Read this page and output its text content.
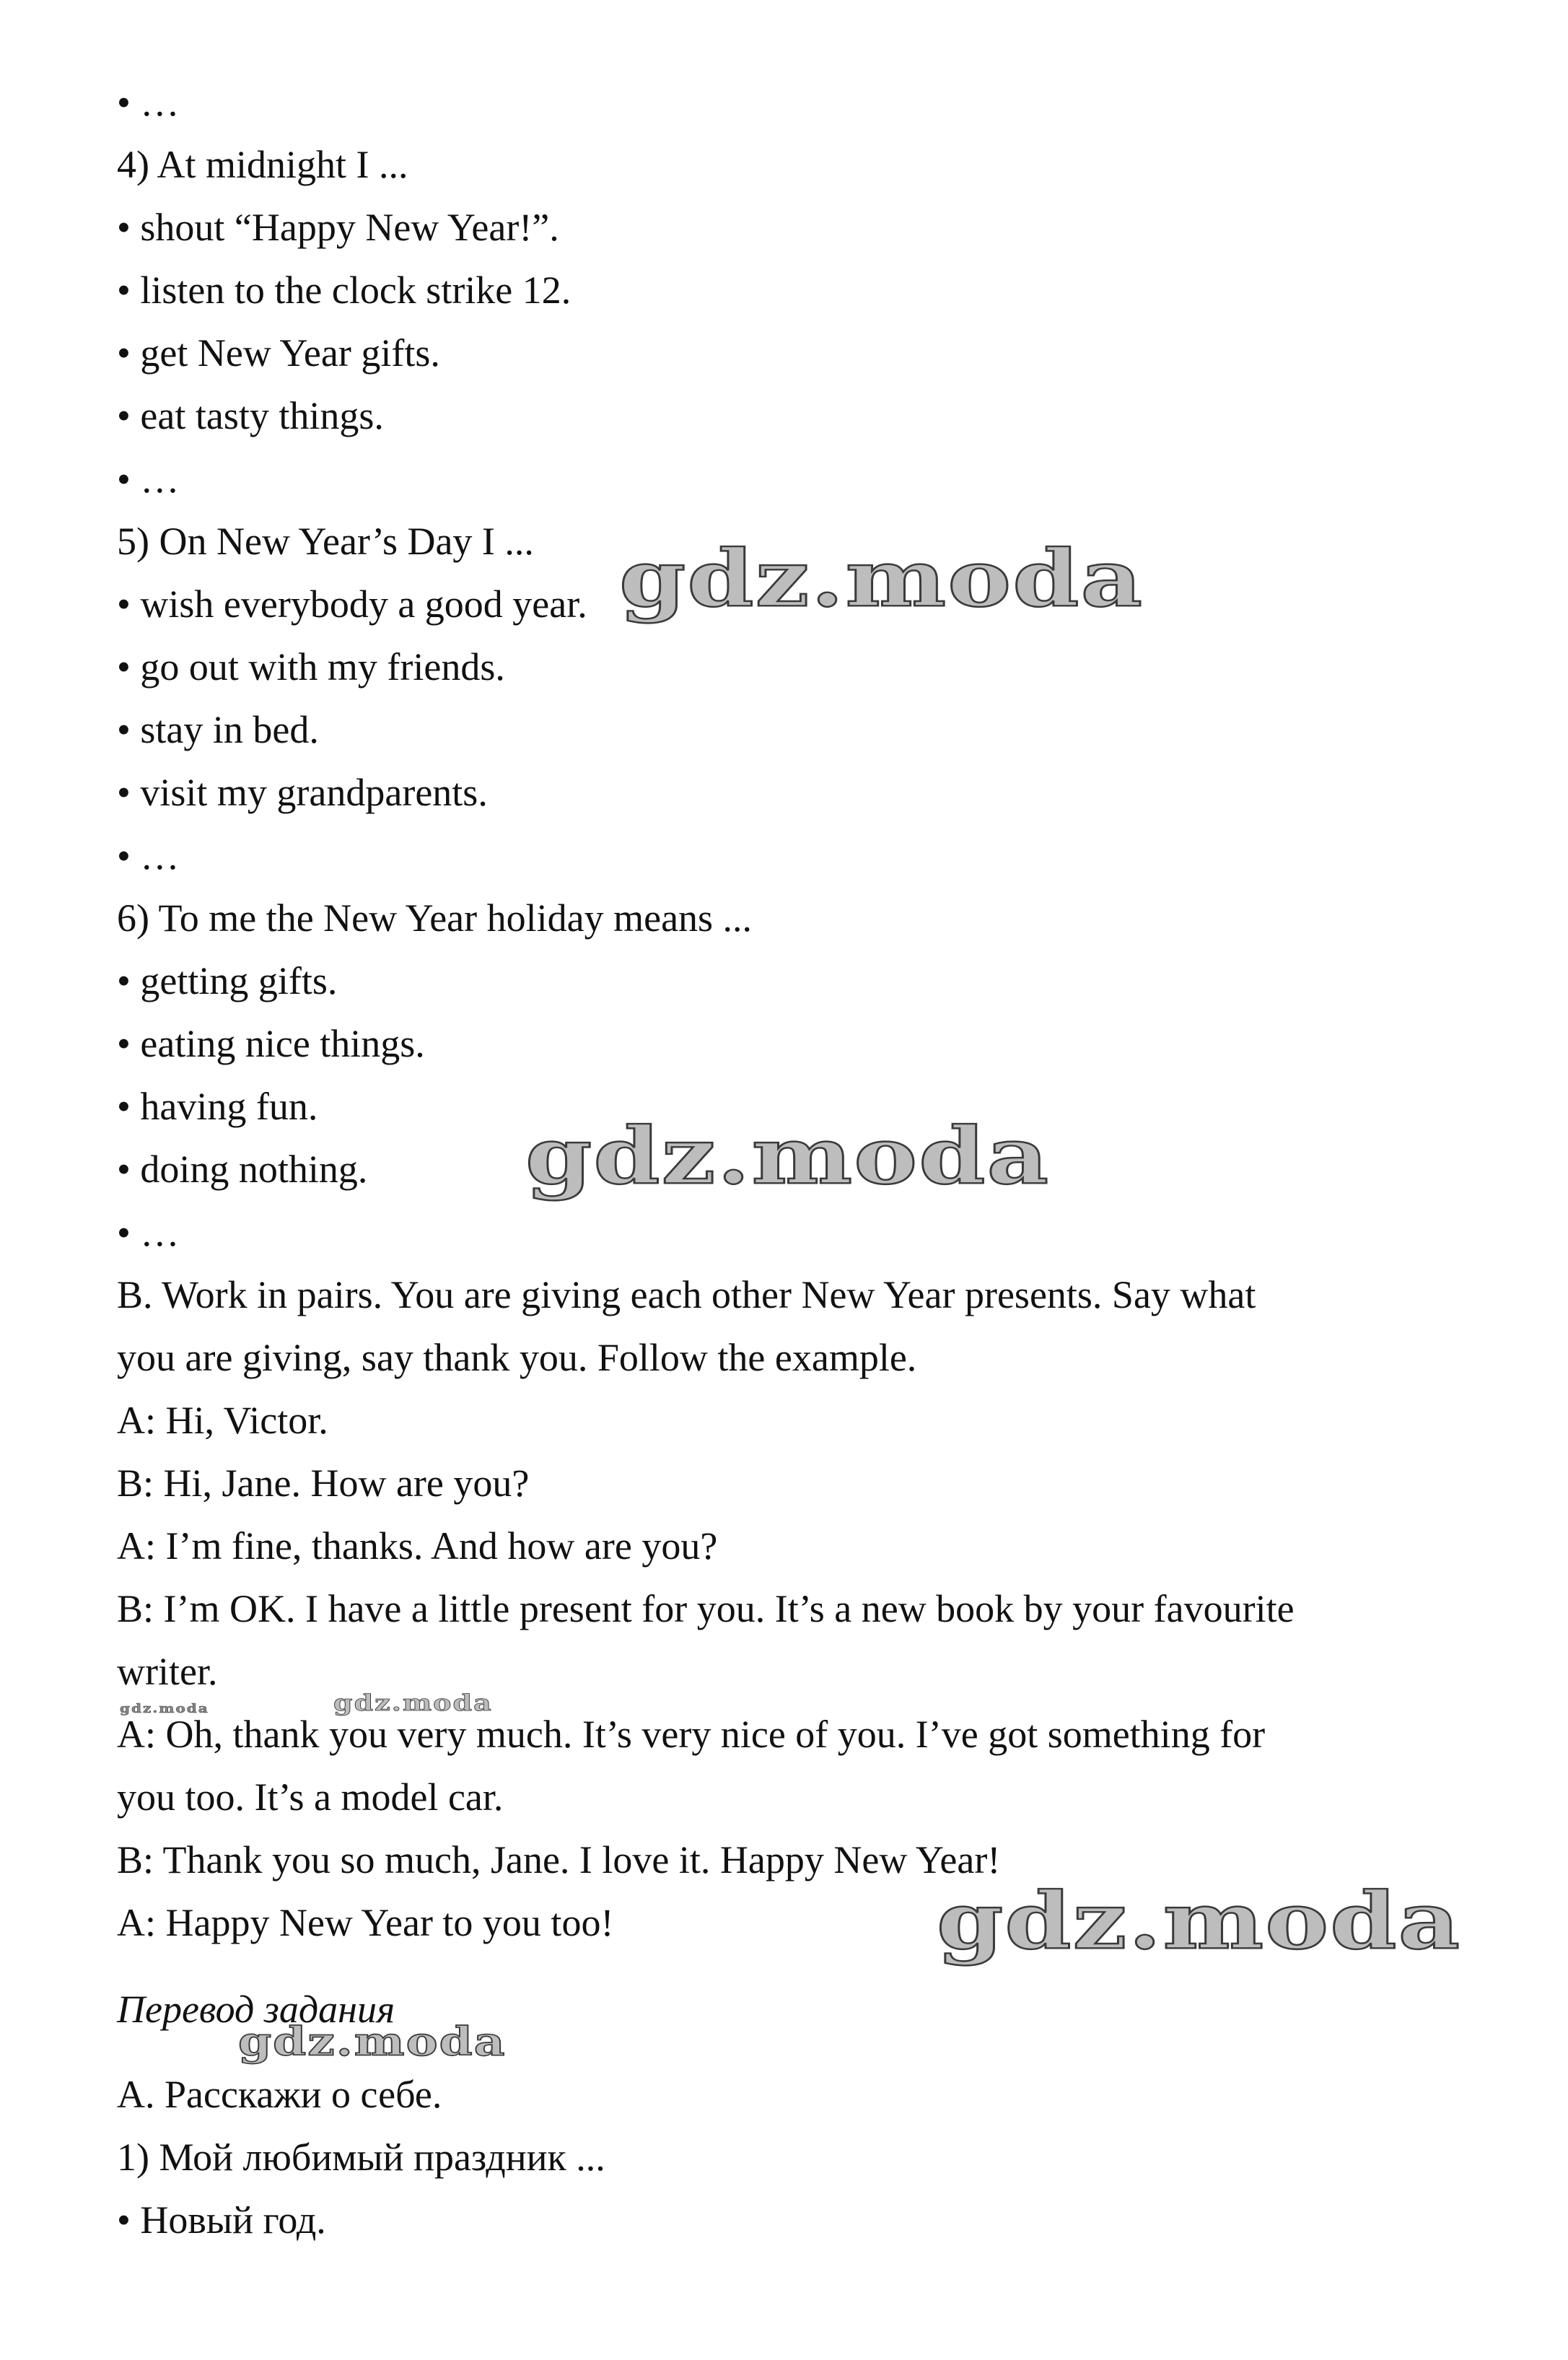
• …
4) At midnight I ...
• shout “Happy New Year!”.
• listen to the clock strike 12.
• get New Year gifts.
• eat tasty things.
• …
5) On New Year’s Day I ...
• wish everybody a good year.
• go out with my friends.
• stay in bed.
• visit my grandparents.
• …
6) To me the New Year holiday means ...
• getting gifts.
• eating nice things.
• having fun.
• doing nothing.
• …
B. Work in pairs. You are giving each other New Year presents. Say what
you are giving, say thank you. Follow the example.
A: Hi, Victor.
B: Hi, Jane. How are you?
A: I’m fine, thanks. And how are you?
B: I’m OK. I have a little present for you. It’s a new book by your favourite
writer.
A: Oh, thank you very much. It’s very nice of you. I’ve got something for
you too. It’s a model car.
B: Thank you so much, Jane. I love it. Happy New Year!
A: Happy New Year to you too!
Перевод задания
A. Расскажи о себе.
1) Мой любимый праздник ...
• Новый год.
gdz.moda
gdz.moda
gdz.moda
gdz.moda
gdz.moda
gdz.moda
